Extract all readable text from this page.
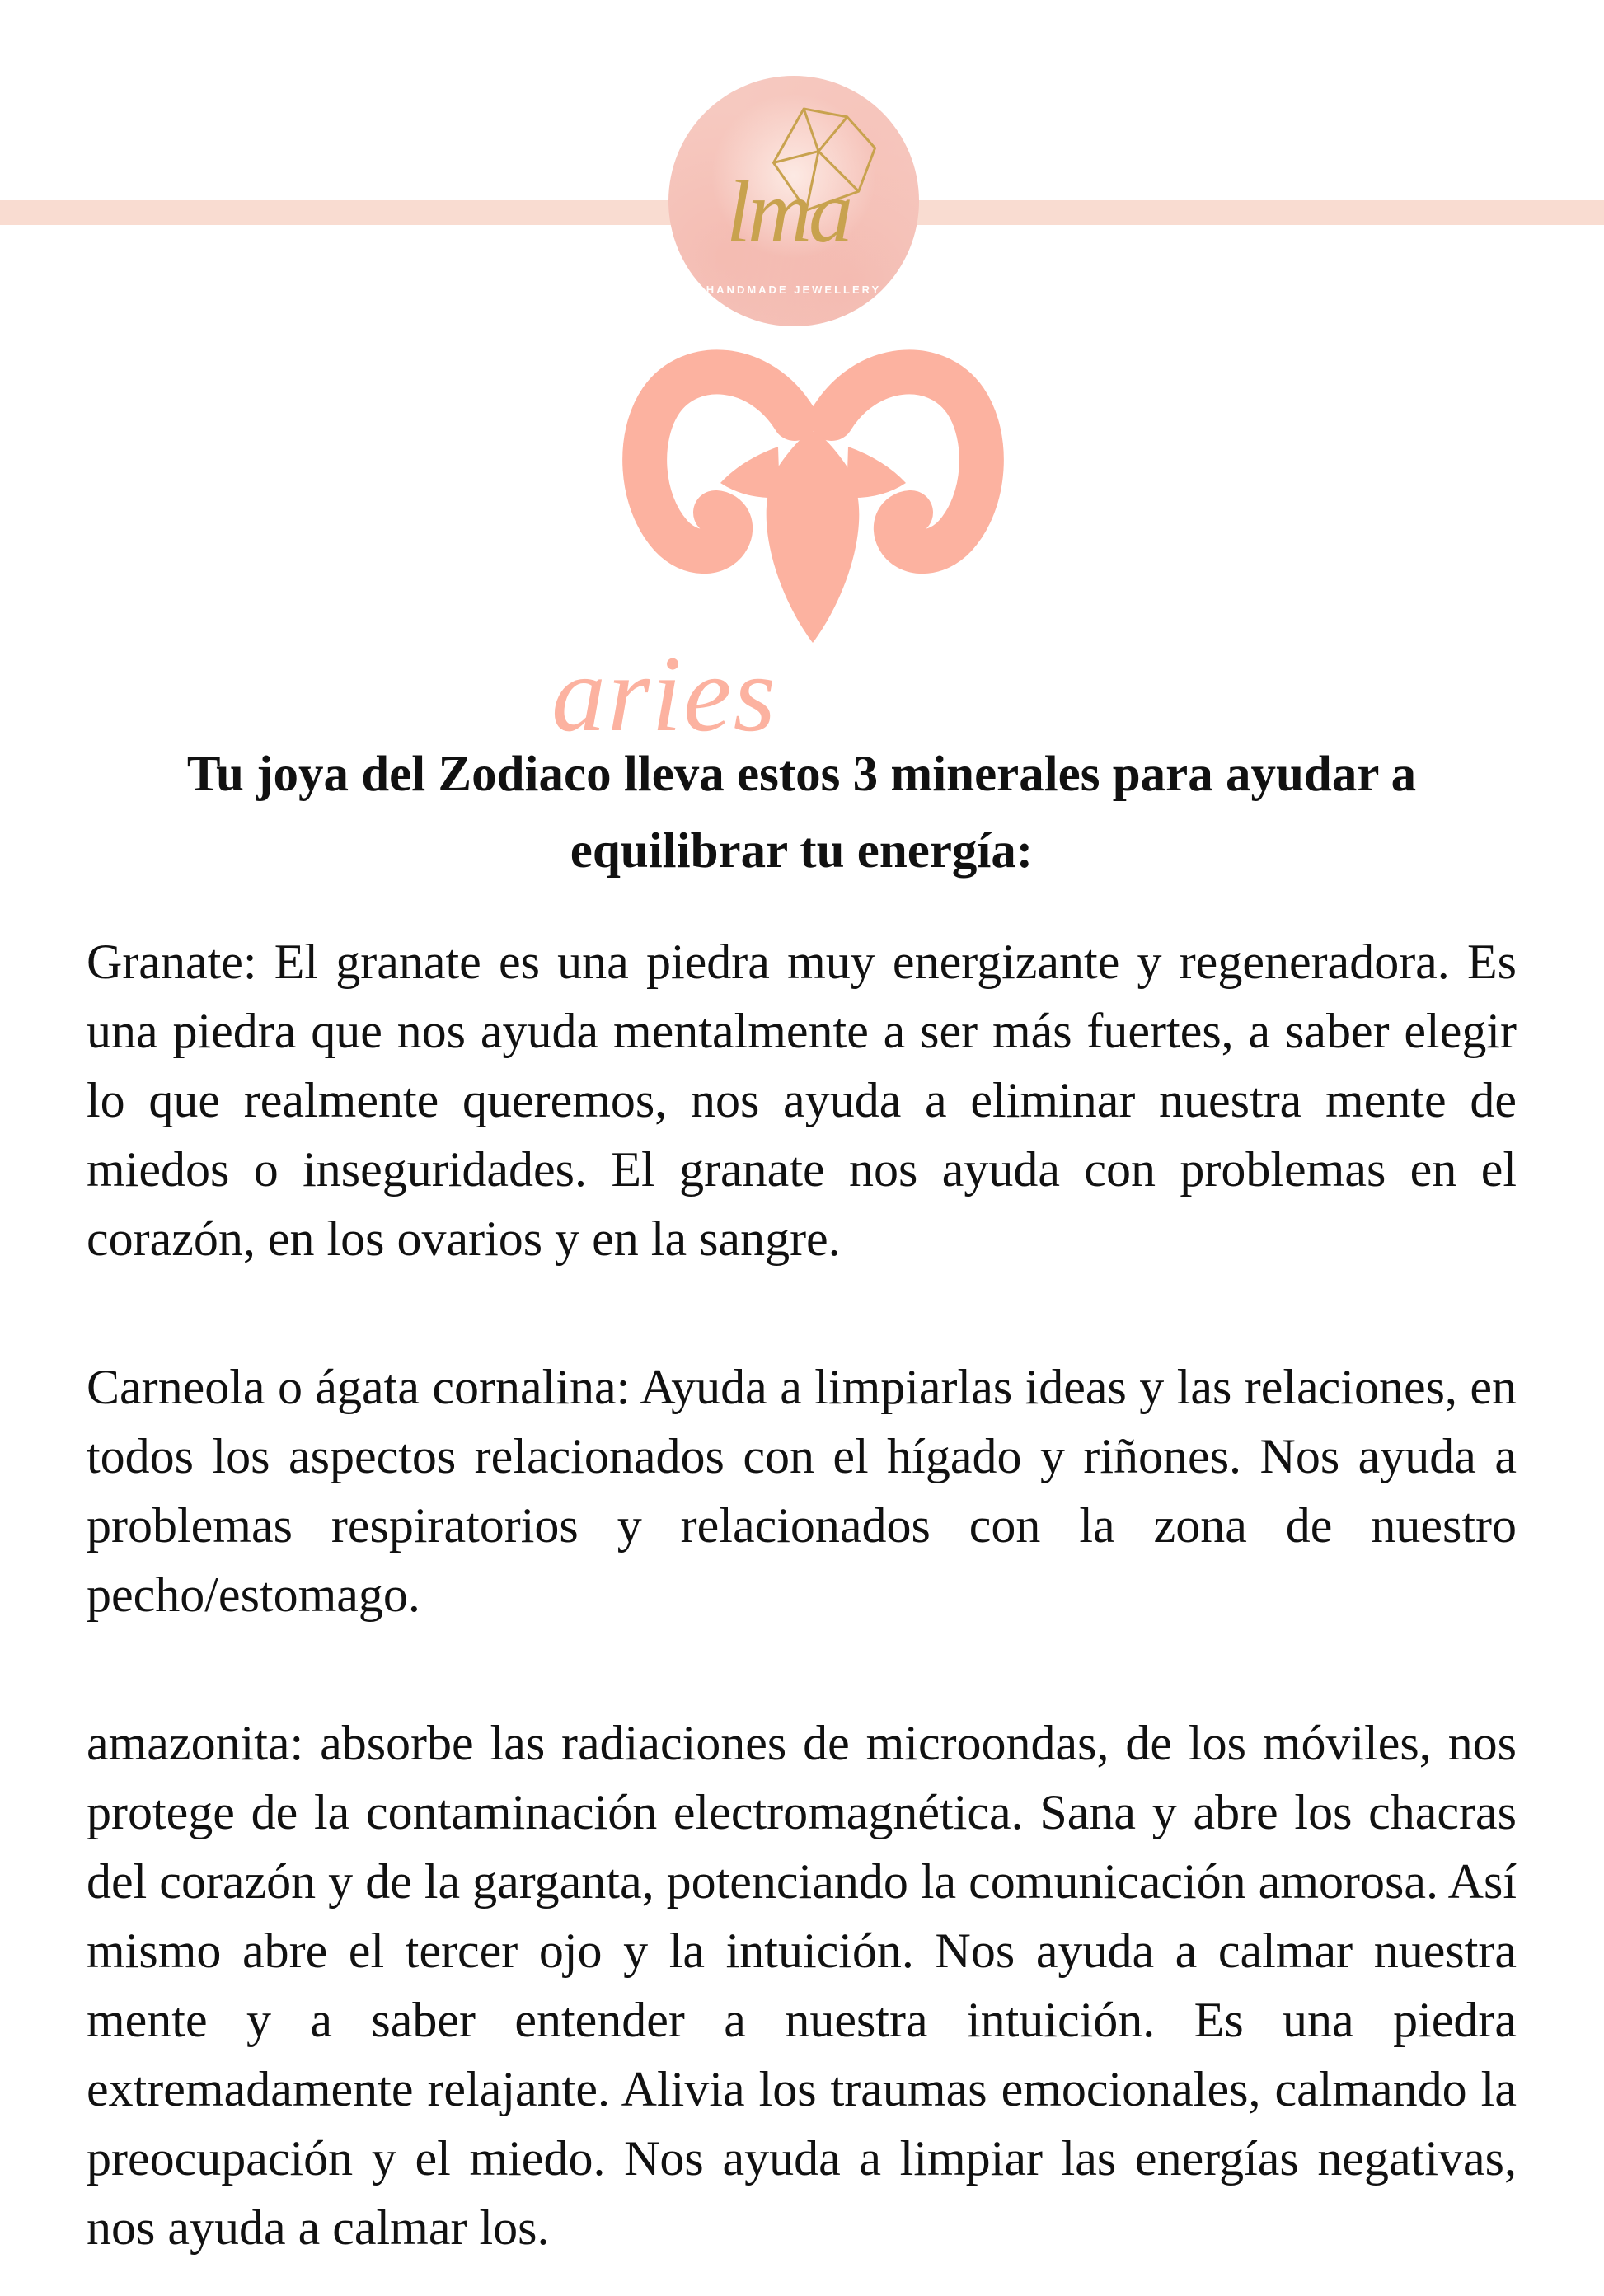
lma
HANDMADE JEWELLERY
aries
Tu joya del Zodiaco lleva estos 3 minerales para ayudar a
equilibrar tu energía:

Granate: El granate es una piedra muy energizante y regeneradora. Es una piedra que nos ayuda mentalmente a ser más fuertes, a saber elegir lo que realmente queremos, nos ayuda a eliminar nuestra mente de miedos o inseguridades. El granate nos ayuda con problemas en el corazón, en los ovarios y en la sangre.

Carneola o ágata cornalina: Ayuda a limpiarlas ideas y las relaciones, en todos los aspectos relacionados con el hígado y riñones. Nos ayuda a problemas respiratorios y relacionados con la zona de nuestro pecho/estomago.

amazonita: absorbe las radiaciones de microondas, de los móviles, nos protege de la contaminación electromagnética. Sana y abre los chacras del corazón y de la garganta, potenciando la comunicación amorosa. Así mismo abre el tercer ojo y la intuición. Nos ayuda a calmar nuestra mente y a saber entender a nuestra intuición. Es una piedra extremadamente relajante. Alivia los traumas emocionales, calmando la preocupación y el miedo. Nos ayuda a limpiar las energías negativas, nos ayuda a calmar los.
